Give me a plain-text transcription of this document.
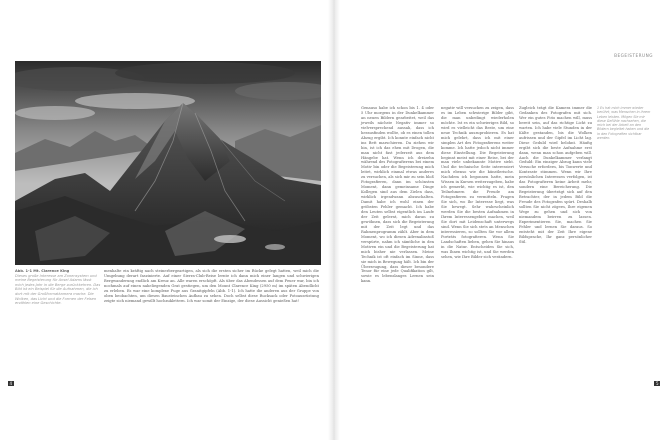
Abb. 1-1 Mt. Clarence King
Dieses große Interesse am Zonensystem und meine Begeisterung für Ansel Adams lässt mich jedes Jahr in die Berge zurückkehren. Das Bild ist ein Beispiel für die Aufnahmen, die ich dort mit der Großformatkamera mache. Die Wolken, das Licht und die Formen der Felsen erzählen eine Geschichte.
menhalte ein kräftig nach steinerbergeartigen, als sich die ersten sicher im Rücke gelegt hatten, weil mich die Umgebung derart faszinierte. Auf einer Sierra-Club-Reise lernte ich dann mich einer langen und schwierigen Bergwanderung endlich am Kreuz an. Alle waren erschöpft. Als über das Abendessen auf dem Feuer war, bin ich nochmals auf einen naheliegenden Grat gestiegen, um den Mount Clarence King (2950 m) im späten Abendlicht zu erleben. Es war eine komplexe Fuge aus Granitgipfeln (Abb. 1-1). Ich hatte die anderen aus der Gruppe von oben beobachten, um diesen Bausteinchen Aufbau zu sehen. Doch selbst diese Rucksack oder Fotoausrüstung zeigte sich niemand gewillt hochzuklettern. Ich war somit der Einzige, der diese Aussicht genießen hat!
BEGEISTERUNG
Genauso habe ich schon bis 1. 4 oder 5 Uhr morgens in der Dunkelkammer an neuen Bildern gearbeitet, weil das jeweils nächste Negativ immer so vielversprechend aussah, dass ich herausfinden wollte, ob es einen tollen Abzug ergibt. Ich konnte einfach nicht ins Bett marschieren. Da ziehen wir hin, ist ich das ehen mit Drogen, die man nicht fast jederzeit aus dem Hängebe hat. Wenn ich dreizehn während des Fotografierens bei einem Motiv bin oder die Begeisterung mich leitet, wirklich einmal etwas anderes zu versuchen, als sich mir zu sein bloß Fotografieren, dann im schönsten Moment, dann gemeinsame Dinge Kollegen sind aus dem Zielen dass, wirklich irgendwann abzuschalten. Damit habe ich wohl einen der gröbsten Fehler gemacht. Ich habe den Leuten selbst eigentlich im Laufe der Zeit gelernt, mich daran zu gewöhnen, dass sich die Begeisterung mit der Zeit legt und das Rahmenprogramm zählt. Aber in dem Moment, wo ich diesen Adrenalinstoß verspürte, nahm ich sämtliche in den Motiven ein und die Begeisterung hat mich bisher nie verlassen. Meine Technik ist oft einfach im Sinne, dass sie mich in Bewegung hält. Ich bin der Überzeugung, dass dieser besondere Tenor für eine jede Qualifikation gilt, sowie es lebenslanges Lernen sein kann.
negativ will versuchen zu zeigen, dass es im Leben schwierige Bilder gibt, die man unbedingt wiederholen möchte. Ist es ein schwieriges Bild, so wird es vielleicht das Beste, um eine neue Technik auszuprobieren. Es hat mich gelehrt, dass ich mit einer simplen Art des Fotografierens weiter komme. Ich hatte jedoch nicht immer diese Einstellung. Die Begeisterung beginnt meist mit einer Reise, bei der man viele unbekannte Motive sieht. Und die technische Seite interessiert mich ebenso wie die künstlerische. Nachdem ich begonnen hatte, mein Wissen in Kursen weiterzugeben, habe ich gemerkt, wie wichtig es ist, den Teilnehmern die Freude am Fotografieren zu vermitteln. Fragen Sie sich, wo Ihr Interesse liegt, was Sie bewegt. Sehr wahrscheinlich werden Sie die besten Aufnahmen in Ihrem Interessengebiet machen, weil Sie dort mit Leidenschaft unterwegs sind. Wenn Sie sich stets an Menschen interessieren, so sollten Sie vor allem Porträts fotografieren. Wenn Sie Landschaften lieben, gehen Sie hinaus in die Natur. Entscheiden Sie sich, was Ihnen wichtig ist, und Sie werden sehen, wie Ihre Bilder sich verändern.
Zugleich trägt die Kamera immer die Gedanken des Fotografen mit sich. Wer ein gutes Foto machen will, muss bereit sein, auf das richtige Licht zu warten. Ich habe viele Stunden in der Kälte gestanden, bis die Wolken aufrissen und der Gipfel im Licht lag. Diese Geduld wird belohnt. Häufig ergibt sich die beste Aufnahme erst dann, wenn man schon aufgeben will. Auch die Dunkelkammer verlangt Geduld: Ein einziger Abzug kann viele Versuche erfordern, bis Tonwerte und Kontraste stimmen. Wenn wir Ihre persönlichen Interessen verfolgen, ist das Fotografieren keine Arbeit mehr, sondern eine Bereicherung. Die Begeisterung überträgt sich auf den Betrachter, der in jedem Bild die Freude des Fotografen spürt. Deshalb sollten Sie nicht zögern, Ihre eigenen Wege zu gehen und sich von niemandem beirren zu lassen. Experimentieren Sie, machen Sie Fehler und lernen Sie daraus. So entsteht mit der Zeit Ihre eigene Bildsprache, Ihr ganz persönlicher Stil.
1 Es hat mich immer wieder berührt, was Menschen in ihrem Leben leisten. Mögen Sie mir diese Gefühle nachsehen, die mich bei der Arbeit an den Bildern begleitet haben und die in den Fotografien sichtbar werden.
4	5
